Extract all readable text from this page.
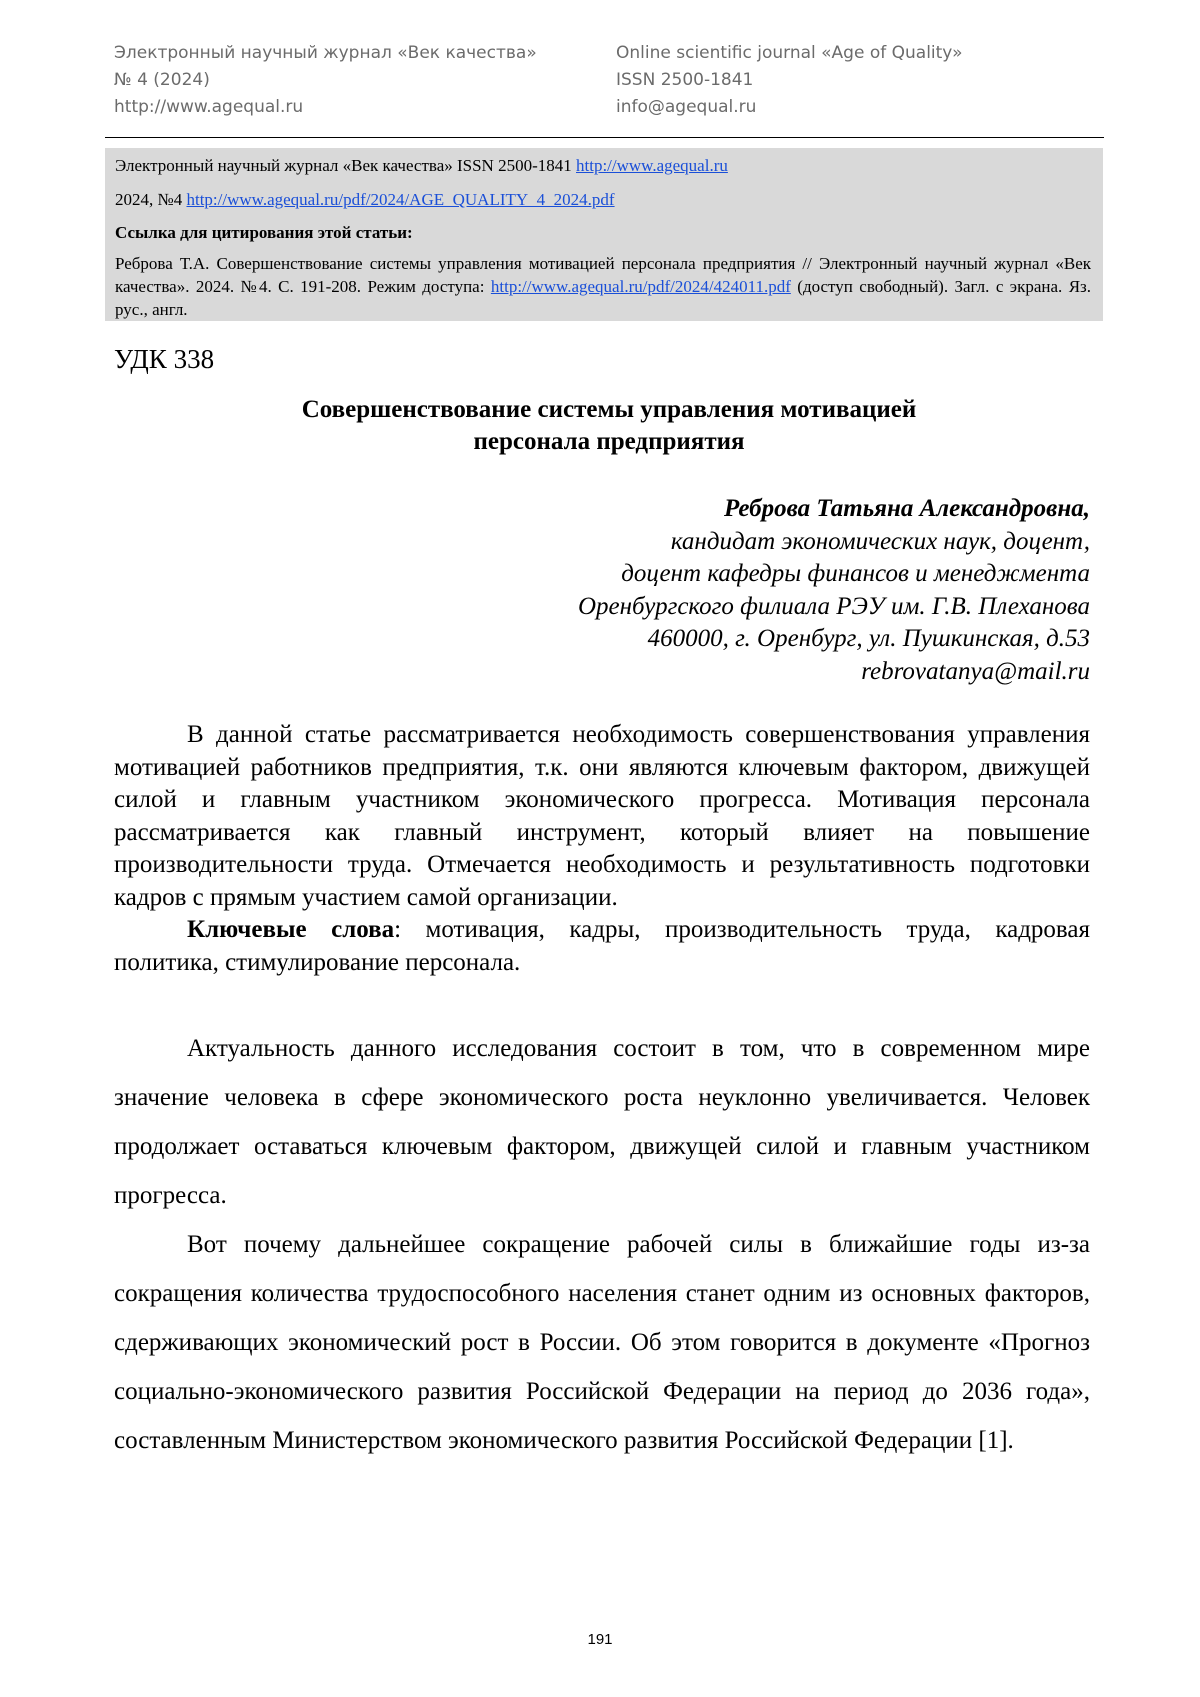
Электронный научный журнал «Век качества»
№ 4 (2024)
http://www.agequal.ru
Online scientific journal «Age of Quality»
ISSN 2500-1841
info@agequal.ru
Электронный научный журнал «Век качества» ISSN 2500-1841 http://www.agequal.ru
2024, №4 http://www.agequal.ru/pdf/2024/AGE_QUALITY_4_2024.pdf
Ссылка для цитирования этой статьи:
Реброва Т.А. Совершенствование системы управления мотивацией персонала предприятия // Электронный научный журнал «Век качества». 2024. №4. С. 191-208. Режим доступа: http://www.agequal.ru/pdf/2024/424011.pdf (доступ свободный). Загл. с экрана. Яз. рус., англ.
УДК 338
Совершенствование системы управления мотивацией
персонала предприятия
Реброва Татьяна Александровна,
кандидат экономических наук, доцент,
доцент кафедры финансов и менеджмента
Оренбургского филиала РЭУ им. Г.В. Плеханова
460000, г. Оренбург, ул. Пушкинская, д.53
rebrovatanya@mail.ru

В данной статье рассматривается необходимость совершенствования управления мотивацией работников предприятия, т.к. они являются ключевым фактором, движущей силой и главным участником экономического прогресса. Мотивация персонала рассматривается как главный инструмент, который влияет на повышение производительности труда. Отмечается необходимость и результативность подготовки кадров с прямым участием самой организации.

Ключевые слова: мотивация, кадры, производительность труда, кадровая политика, стимулирование персонала.

Актуальность данного исследования состоит в том, что в современном мире значение человека в сфере экономического роста неуклонно увеличивается. Человек продолжает оставаться ключевым фактором, движущей силой и главным участником прогресса.

Вот почему дальнейшее сокращение рабочей силы в ближайшие годы из-за сокращения количества трудоспособного населения станет одним из основных факторов, сдерживающих экономический рост в России. Об этом говорится в документе «Прогноз социально-экономического развития Российской Федерации на период до 2036 года», составленным Министерством экономического развития Российской Федерации [1].

191
